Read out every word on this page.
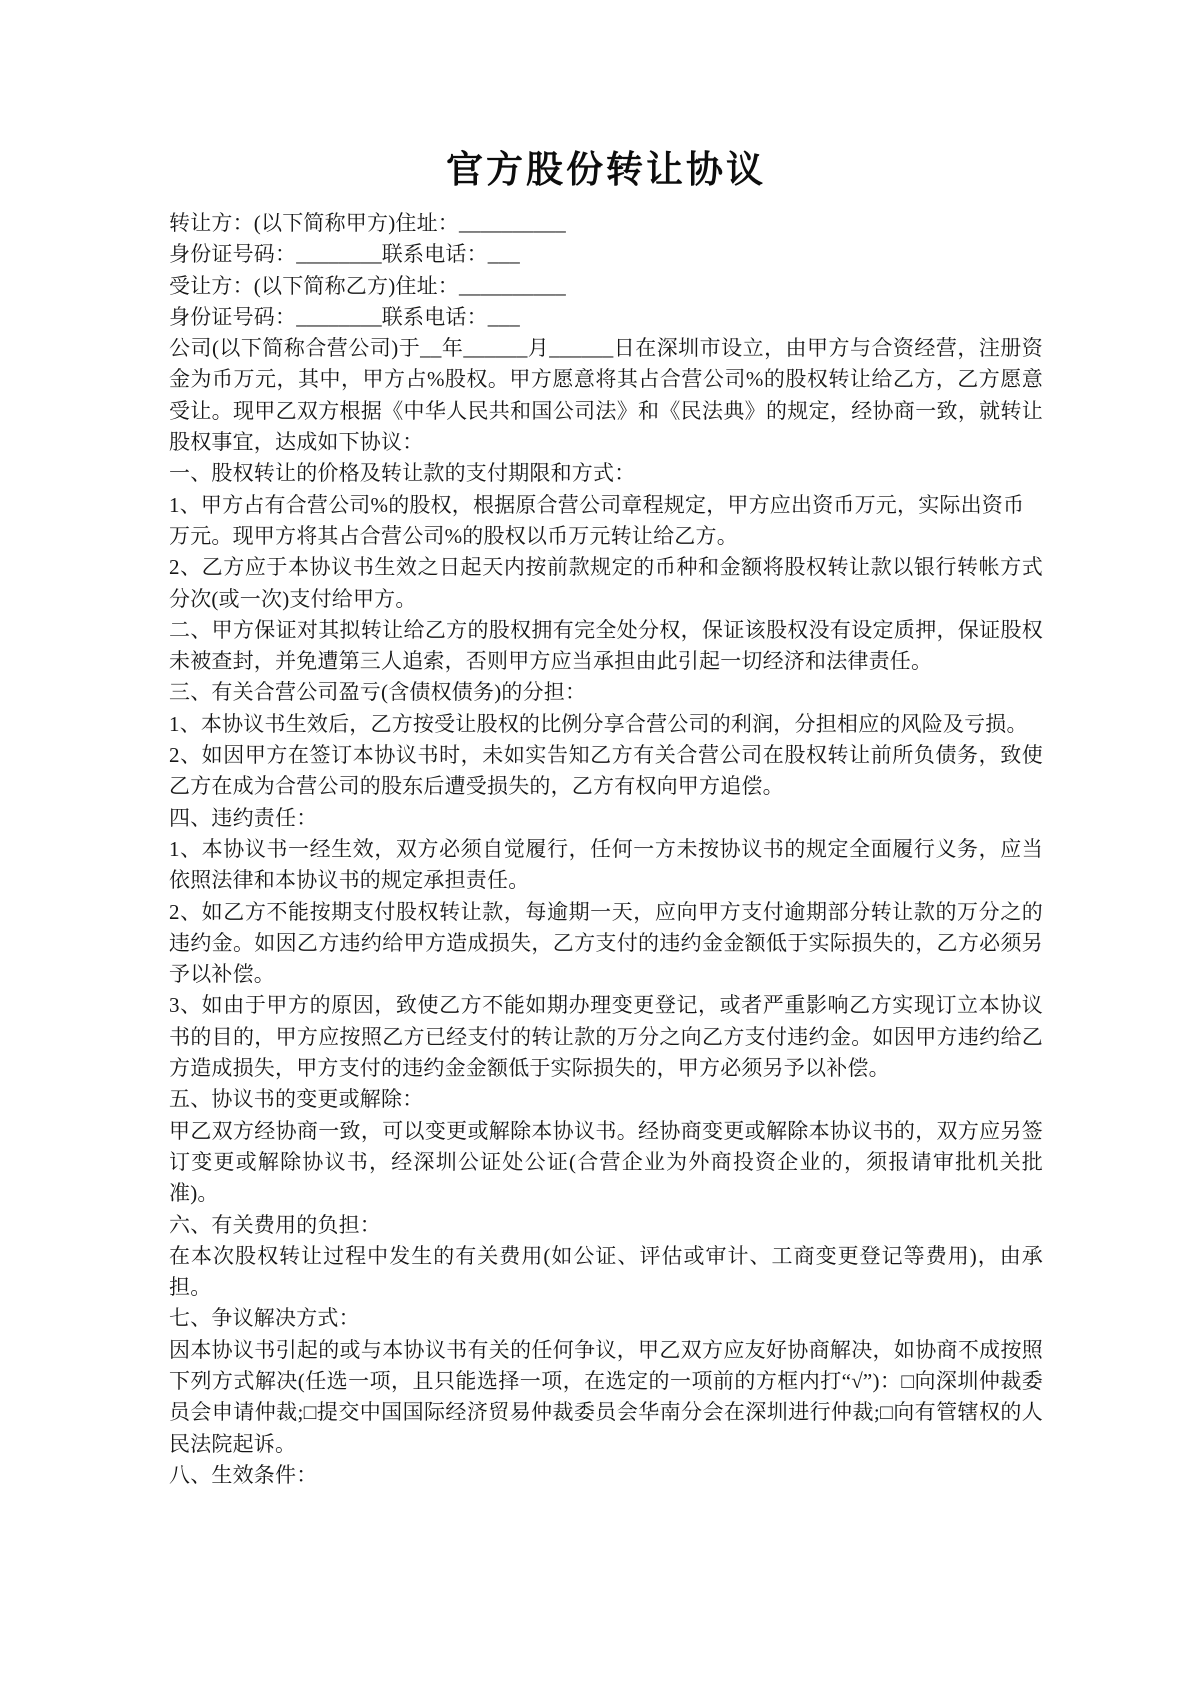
官方股份转让协议

转让方：(以下简称甲方)住址：__________

身份证号码：________联系电话：___

受让方：(以下简称乙方)住址：__________

身份证号码：________联系电话：___

公司(以下简称合营公司)于__年______月______日在深圳市设立，由甲方与合资经营，注册资金为币万元，其中，甲方占%股权。甲方愿意将其占合营公司%的股权转让给乙方，乙方愿意受让。现甲乙双方根据《中华人民共和国公司法》和《民法典》的规定，经协商一致，就转让股权事宜，达成如下协议：

一、股权转让的价格及转让款的支付期限和方式：

1、甲方占有合营公司%的股权，根据原合营公司章程规定，甲方应出资币万元，实际出资币

万元。现甲方将其占合营公司%的股权以币万元转让给乙方。

2、乙方应于本协议书生效之日起天内按前款规定的币种和金额将股权转让款以银行转帐方式分次(或一次)支付给甲方。

二、甲方保证对其拟转让给乙方的股权拥有完全处分权，保证该股权没有设定质押，保证股权未被查封，并免遭第三人追索，否则甲方应当承担由此引起一切经济和法律责任。

三、有关合营公司盈亏(含债权债务)的分担：

1、本协议书生效后，乙方按受让股权的比例分享合营公司的利润，分担相应的风险及亏损。

2、如因甲方在签订本协议书时，未如实告知乙方有关合营公司在股权转让前所负债务，致使乙方在成为合营公司的股东后遭受损失的，乙方有权向甲方追偿。

四、违约责任：

1、本协议书一经生效，双方必须自觉履行，任何一方未按协议书的规定全面履行义务，应当依照法律和本协议书的规定承担责任。

2、如乙方不能按期支付股权转让款，每逾期一天，应向甲方支付逾期部分转让款的万分之的违约金。如因乙方违约给甲方造成损失，乙方支付的违约金金额低于实际损失的，乙方必须另予以补偿。

3、如由于甲方的原因，致使乙方不能如期办理变更登记，或者严重影响乙方实现订立本协议书的目的，甲方应按照乙方已经支付的转让款的万分之向乙方支付违约金。如因甲方违约给乙方造成损失，甲方支付的违约金金额低于实际损失的，甲方必须另予以补偿。

五、协议书的变更或解除：

甲乙双方经协商一致，可以变更或解除本协议书。经协商变更或解除本协议书的，双方应另签订变更或解除协议书，经深圳公证处公证(合营企业为外商投资企业的，须报请审批机关批准)。

六、有关费用的负担：

在本次股权转让过程中发生的有关费用(如公证、评估或审计、工商变更登记等费用)，由承担。

七、争议解决方式：

因本协议书引起的或与本协议书有关的任何争议，甲乙双方应友好协商解决，如协商不成按照下列方式解决(任选一项，且只能选择一项，在选定的一项前的方框内打“√”)：□向深圳仲裁委员会申请仲裁;□提交中国国际经济贸易仲裁委员会华南分会在深圳进行仲裁;□向有管辖权的人民法院起诉。

八、生效条件：
